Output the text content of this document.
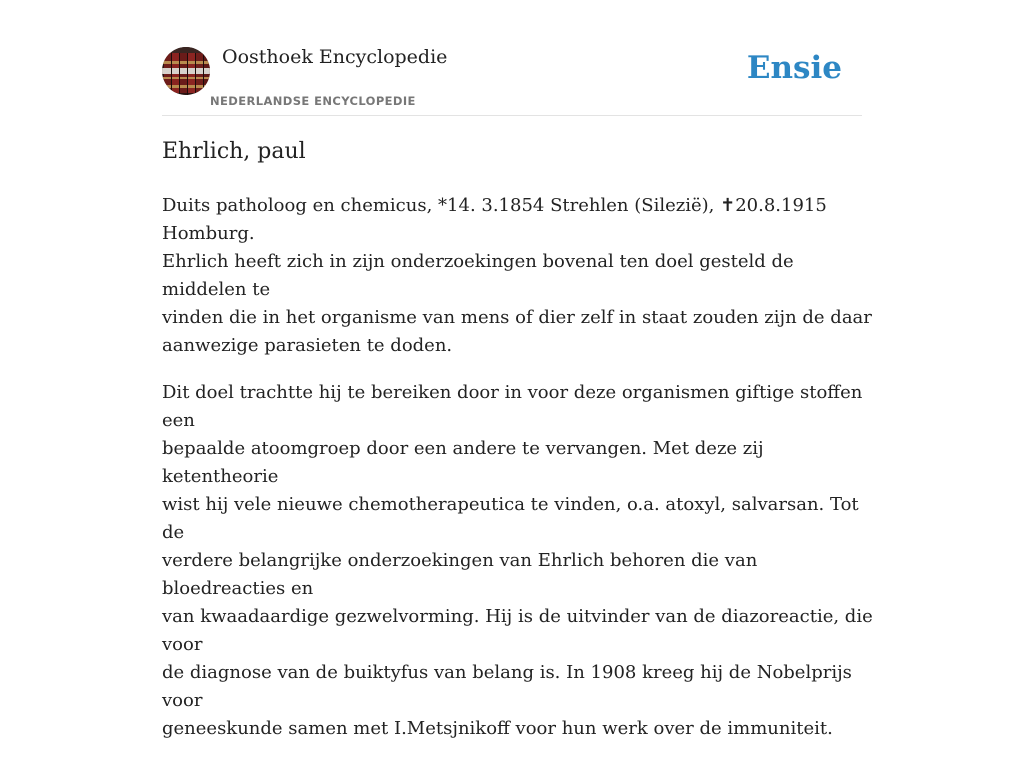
Oosthoek Encyclopedie
NEDERLANDSE ENCYCLOPEDIE
Ensie
Ehrlich, paul

Duits patholoog en chemicus, *14. 3.1854 Strehlen (Silezië), ✝20.8.1915 Homburg.
Ehrlich heeft zich in zijn onderzoekingen bovenal ten doel gesteld de middelen te
vinden die in het organisme van mens of dier zelf in staat zouden zijn de daar
aanwezige parasieten te doden.

Dit doel trachtte hij te bereiken door in voor deze organismen giftige stoffen een
bepaalde atoomgroep door een andere te vervangen. Met deze zij ketentheorie
wist hij vele nieuwe chemotherapeutica te vinden, o.a. atoxyl, salvarsan. Tot de
verdere belangrijke onderzoekingen van Ehrlich behoren die van bloedreacties en
van kwaadaardige gezwelvorming. Hij is de uitvinder van de diazoreactie, die voor
de diagnose van de buiktyfus van belang is. In 1908 kreeg hij de Nobelprijs voor
geneeskunde samen met I.Metsjnikoff voor hun werk over de immuniteit.
